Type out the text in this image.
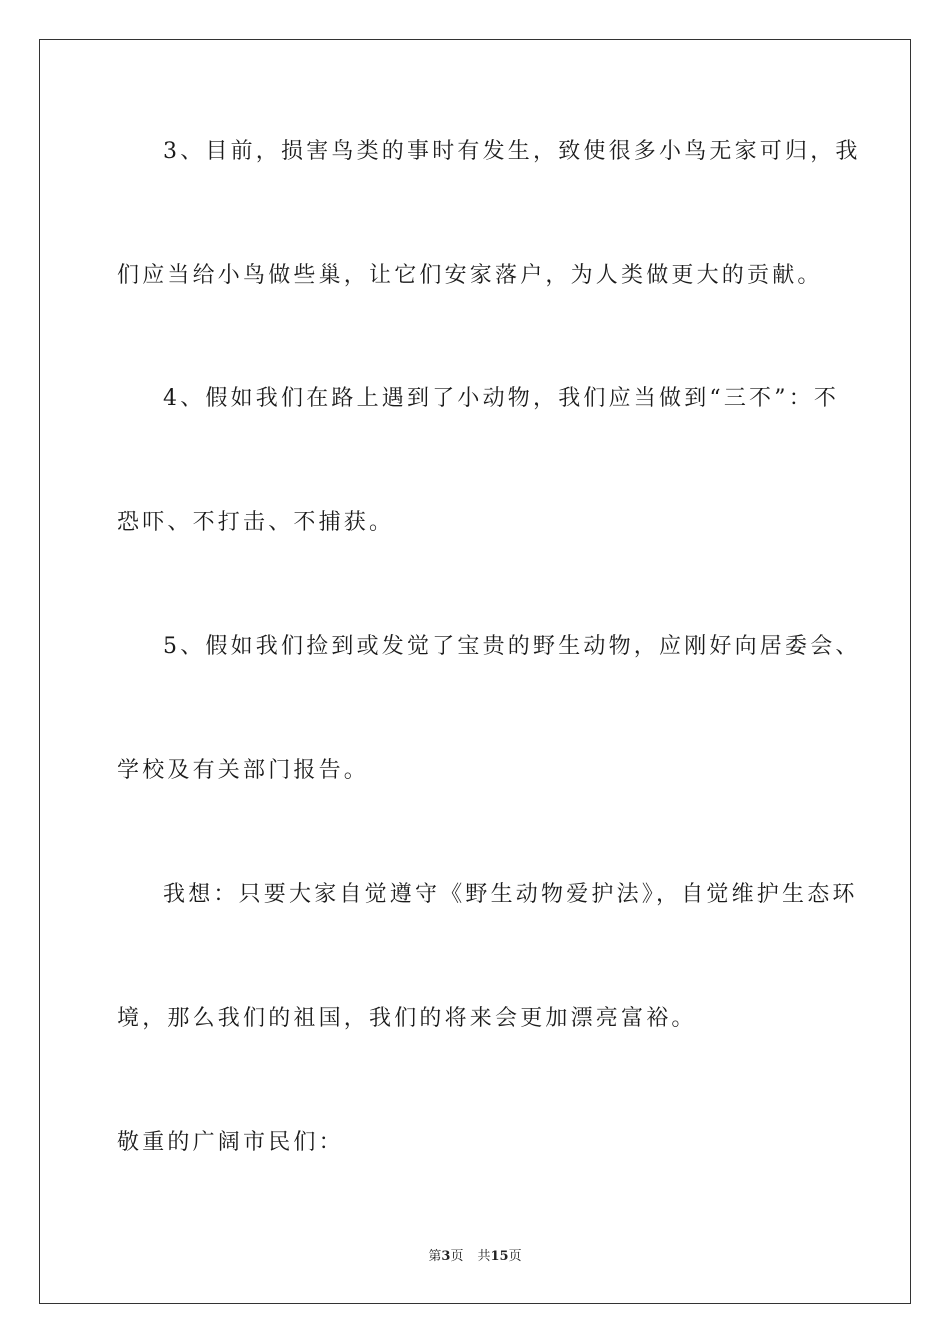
3、目前，损害鸟类的事时有发生，致使很多小鸟无家可归，我
们应当给小鸟做些巢，让它们安家落户，为人类做更大的贡献。
4、假如我们在路上遇到了小动物，我们应当做到“三不”：不
恐吓、不打击、不捕获。
5、假如我们捡到或发觉了宝贵的野生动物，应刚好向居委会、
学校及有关部门报告。
我想：只要大家自觉遵守《野生动物爱护法》，自觉维护生态环
境，那么我们的祖国，我们的将来会更加漂亮富裕。
敬重的广阔市民们：
第3页 共15页
